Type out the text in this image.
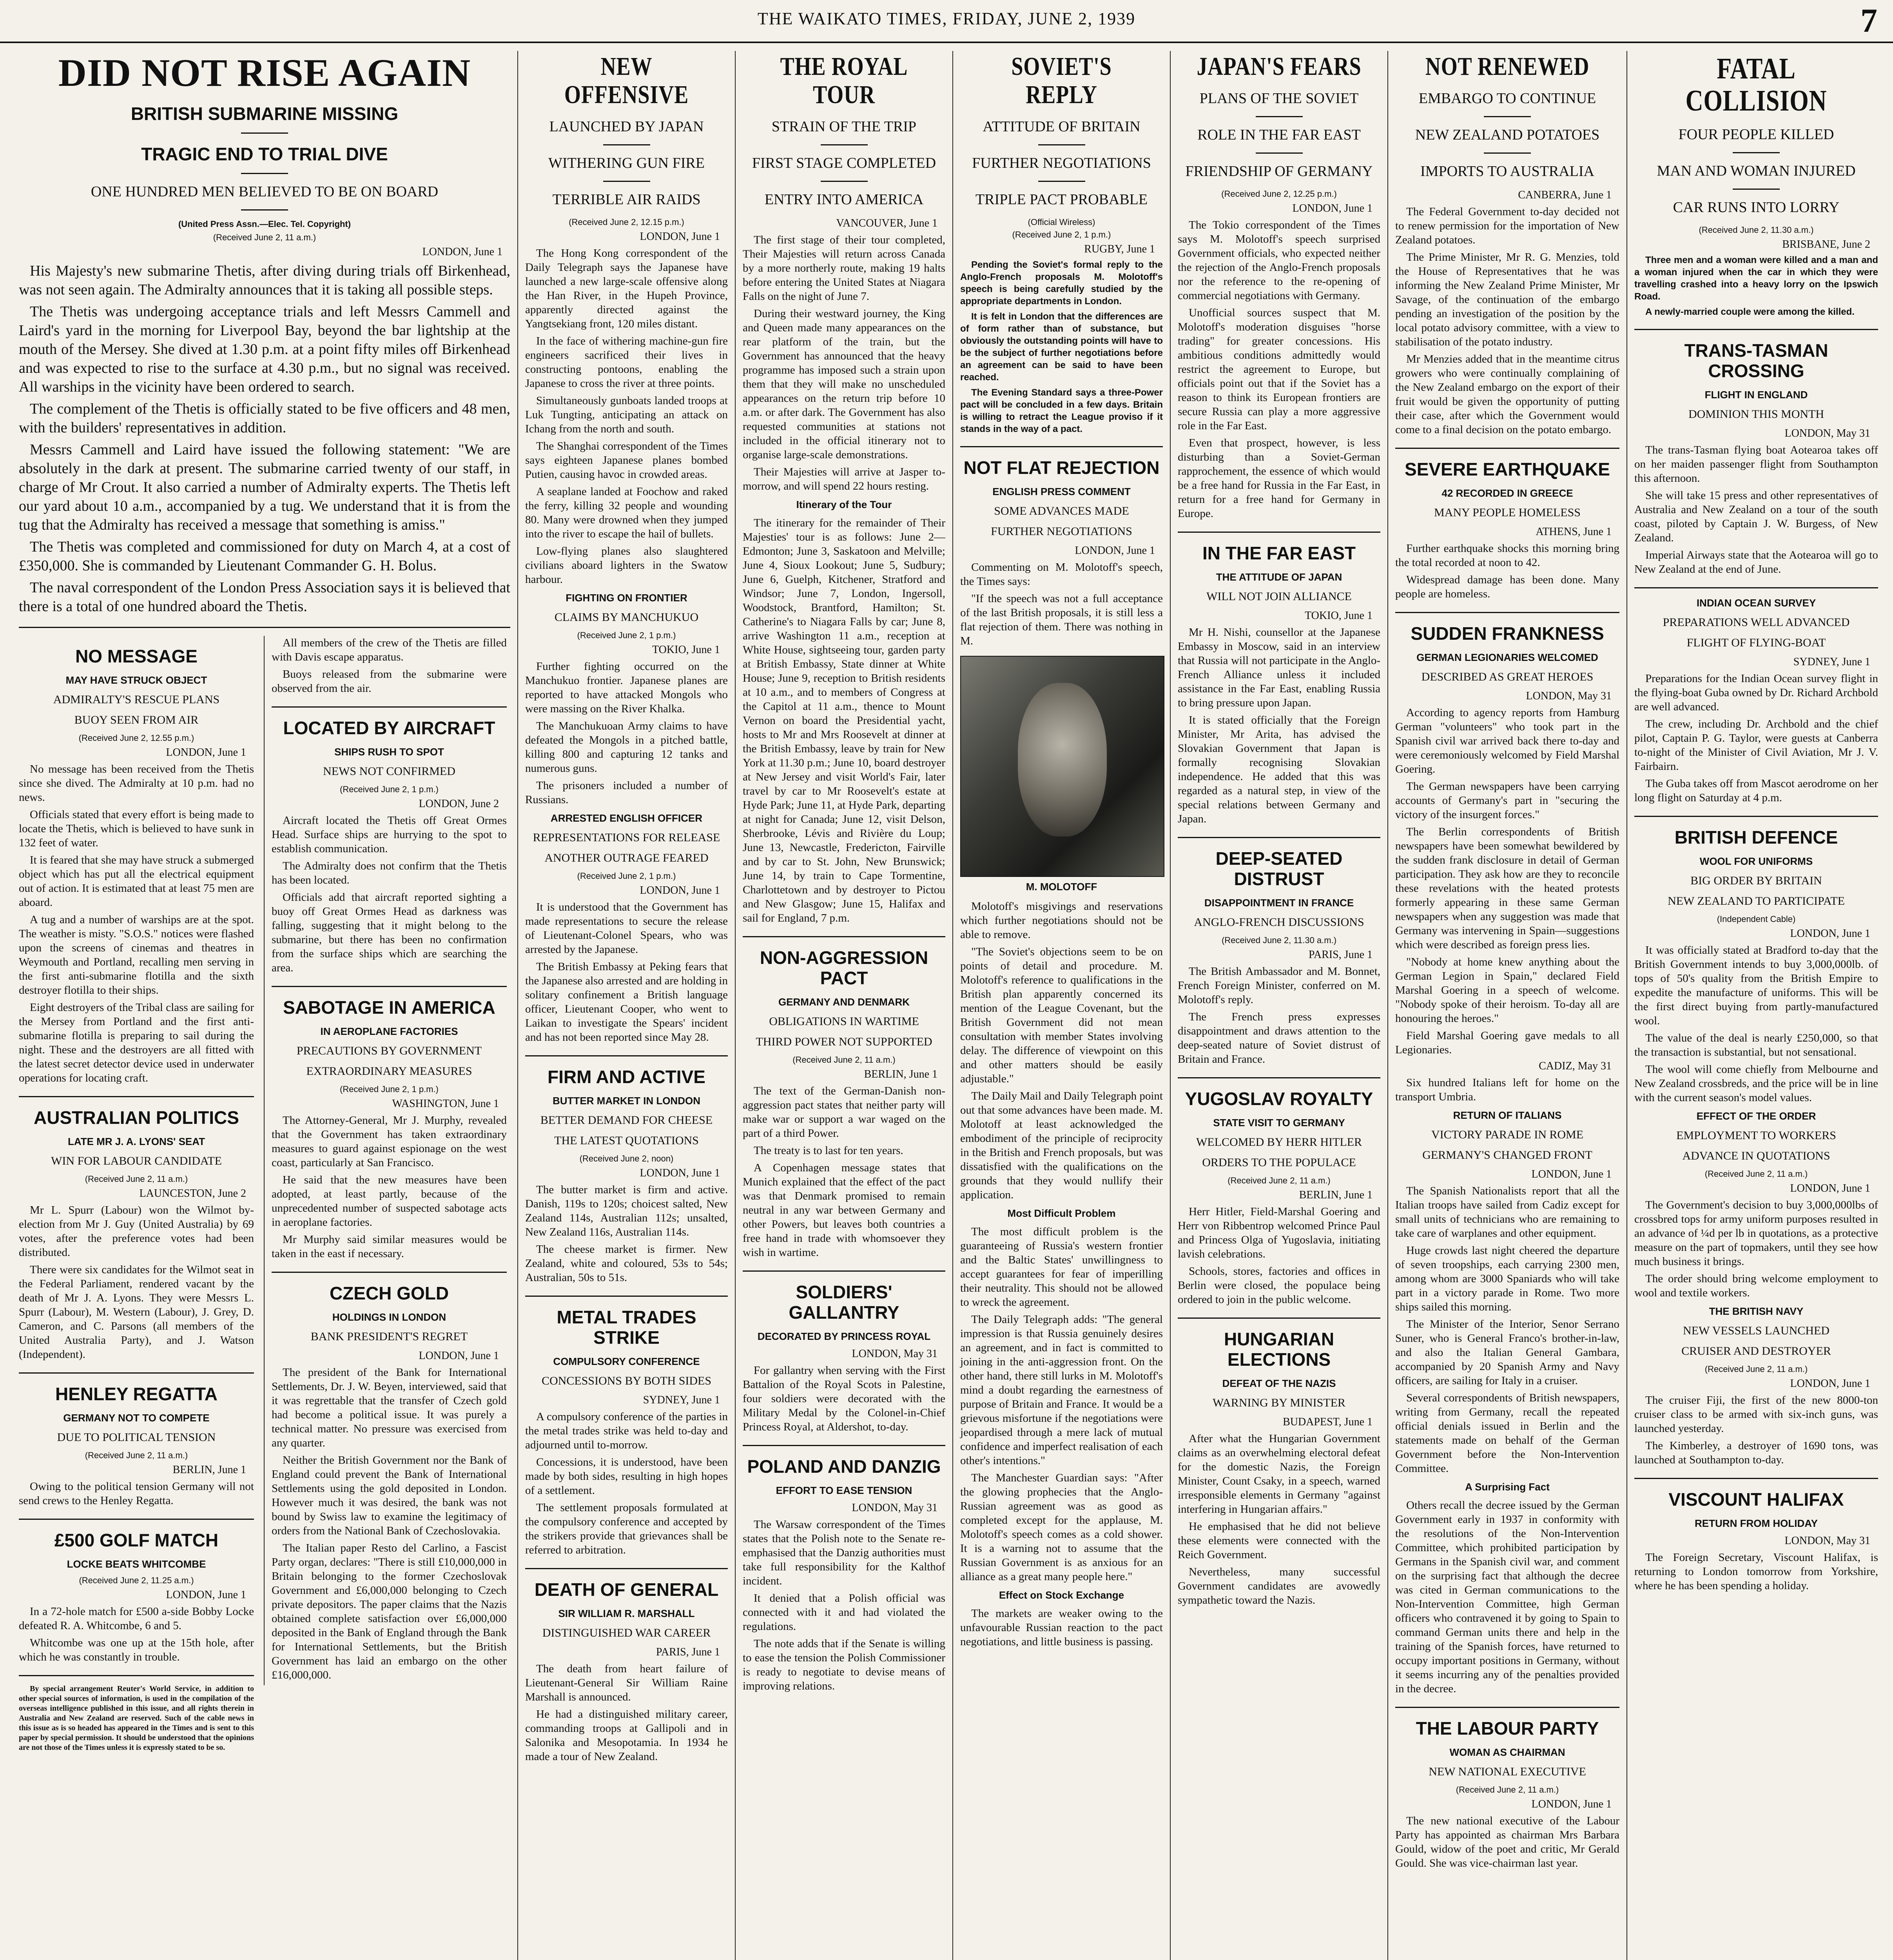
THE WAIKATO TIMES, FRIDAY, JUNE 2, 1939	7
DID NOT RISE AGAIN
BRITISH SUBMARINE MISSING
TRAGIC END TO TRIAL DIVE
ONE HUNDRED MEN BELIEVED TO BE ON BOARD
(United Press Assn.—Elec. Tel. Copyright)
(Received June 2, 11 a.m.)
LONDON, June 1

His Majesty's new submarine Thetis, after diving during trials off Birkenhead, was not seen again. The Admiralty announces that it is taking all possible steps.

The Thetis was undergoing acceptance trials and left Messrs Cammell and Laird's yard in the morning for Liverpool Bay, beyond the bar lightship at the mouth of the Mersey. She dived at 1.30 p.m. at a point fifty miles off Birkenhead and was expected to rise to the surface at 4.30 p.m., but no signal was received. All warships in the vicinity have been ordered to search.

The complement of the Thetis is officially stated to be five officers and 48 men, with the builders' representatives in addition.

Messrs Cammell and Laird have issued the following statement: "We are absolutely in the dark at present. The submarine carried twenty of our staff, in charge of Mr Crout. It also carried a number of Admiralty experts. The Thetis left our yard about 10 a.m., accompanied by a tug. We understand that it is from the tug that the Admiralty has received a message that something is amiss."

The Thetis was completed and commissioned for duty on March 4, at a cost of £350,000. She is commanded by Lieutenant Commander G. H. Bolus.

The naval correspondent of the London Press Association says it is believed that there is a total of one hundred aboard the Thetis.

NO MESSAGE
MAY HAVE STRUCK OBJECT
ADMIRALTY'S RESCUE PLANS
BUOY SEEN FROM AIR
(Received June 2, 12.55 p.m.)
LONDON, June 1

No message has been received from the Thetis since she dived. The Admiralty at 10 p.m. had no news.

Officials stated that every effort is being made to locate the Thetis, which is believed to have sunk in 132 feet of water.

It is feared that she may have struck a submerged object which has put all the electrical equipment out of action. It is estimated that at least 75 men are aboard.

A tug and a number of warships are at the spot. The weather is misty. "S.O.S." notices were flashed upon the screens of cinemas and theatres in Weymouth and Portland, recalling men serving in the first anti-submarine flotilla and the sixth destroyer flotilla to their ships.

Eight destroyers of the Tribal class are sailing for the Mersey from Portland and the first anti-submarine flotilla is preparing to sail during the night. These and the destroyers are all fitted with the latest secret detector device used in underwater operations for locating craft.

AUSTRALIAN POLITICS
LATE MR J. A. LYONS' SEAT
WIN FOR LABOUR CANDIDATE
(Received June 2, 11 a.m.)
LAUNCESTON, June 2

Mr L. Spurr (Labour) won the Wilmot by-election from Mr J. Guy (United Australia) by 69 votes, after the preference votes had been distributed.

There were six candidates for the Wilmot seat in the Federal Parliament, rendered vacant by the death of Mr J. A. Lyons. They were Messrs L. Spurr (Labour), M. Western (Labour), J. Grey, D. Cameron, and C. Parsons (all members of the United Australia Party), and J. Watson (Independent).

HENLEY REGATTA
GERMANY NOT TO COMPETE
DUE TO POLITICAL TENSION
(Received June 2, 11 a.m.)
BERLIN, June 1

Owing to the political tension Germany will not send crews to the Henley Regatta.

£500 GOLF MATCH
LOCKE BEATS WHITCOMBE
(Received June 2, 11.25 a.m.)
LONDON, June 1

In a 72-hole match for £500 a-side Bobby Locke defeated R. A. Whitcombe, 6 and 5.

Whitcombe was one up at the 15th hole, after which he was constantly in trouble.

By special arrangement Reuter's World Service, in addition to other special sources of information, is used in the compilation of the overseas intelligence published in this issue, and all rights therein in Australia and New Zealand are reserved. Such of the cable news in this issue as is so headed has appeared in the Times and is sent to this paper by special permission. It should be understood that the opinions are not those of the Times unless it is expressly stated to be so.

All members of the crew of the Thetis are filled with Davis escape apparatus.

Buoys released from the submarine were observed from the air.

LOCATED BY AIRCRAFT
SHIPS RUSH TO SPOT
NEWS NOT CONFIRMED
(Received June 2, 1 p.m.)
LONDON, June 2

Aircraft located the Thetis off Great Ormes Head. Surface ships are hurrying to the spot to establish communication.

The Admiralty does not confirm that the Thetis has been located.

Officials add that aircraft reported sighting a buoy off Great Ormes Head as darkness was falling, suggesting that it might belong to the submarine, but there has been no confirmation from the surface ships which are searching the area.

SABOTAGE IN AMERICA
IN AEROPLANE FACTORIES
PRECAUTIONS BY GOVERNMENT
EXTRAORDINARY MEASURES
(Received June 2, 1 p.m.)
WASHINGTON, June 1

The Attorney-General, Mr J. Murphy, revealed that the Government has taken extraordinary measures to guard against espionage on the west coast, particularly at San Francisco.

He said that the new measures have been adopted, at least partly, because of the unprecedented number of suspected sabotage acts in aeroplane factories.

Mr Murphy said similar measures would be taken in the east if necessary.

CZECH GOLD
HOLDINGS IN LONDON
BANK PRESIDENT'S REGRET
LONDON, June 1

The president of the Bank for International Settlements, Dr. J. W. Beyen, interviewed, said that it was regrettable that the transfer of Czech gold had become a political issue. It was purely a technical matter. No pressure was exercised from any quarter.

Neither the British Government nor the Bank of England could prevent the Bank of International Settlements using the gold deposited in London. However much it was desired, the bank was not bound by Swiss law to examine the legitimacy of orders from the National Bank of Czechoslovakia.

The Italian paper Resto del Carlino, a Fascist Party organ, declares: "There is still £10,000,000 in Britain belonging to the former Czechoslovak Government and £6,000,000 belonging to Czech private depositors. The paper claims that the Nazis obtained complete satisfaction over £6,000,000 deposited in the Bank of England through the Bank for International Settlements, but the British Government has laid an embargo on the other £16,000,000.

NEW OFFENSIVE
LAUNCHED BY JAPAN
WITHERING GUN FIRE
TERRIBLE AIR RAIDS
(Received June 2, 12.15 p.m.)
LONDON, June 1

The Hong Kong correspondent of the Daily Telegraph says the Japanese have launched a new large-scale offensive along the Han River, in the Hupeh Province, apparently directed against the Yangtsekiang front, 120 miles distant.

In the face of withering machine-gun fire engineers sacrificed their lives in constructing pontoons, enabling the Japanese to cross the river at three points.

Simultaneously gunboats landed troops at Luk Tungting, anticipating an attack on Ichang from the north and south.

The Shanghai correspondent of the Times says eighteen Japanese planes bombed Putien, causing havoc in crowded areas.

A seaplane landed at Foochow and raked the ferry, killing 32 people and wounding 80. Many were drowned when they jumped into the river to escape the hail of bullets.

Low-flying planes also slaughtered civilians aboard lighters in the Swatow harbour.

FIGHTING ON FRONTIER
CLAIMS BY MANCHUKUO
(Received June 2, 1 p.m.)
TOKIO, June 1

Further fighting occurred on the Manchukuo frontier. Japanese planes are reported to have attacked Mongols who were massing on the River Khalka.

The Manchukuoan Army claims to have defeated the Mongols in a pitched battle, killing 800 and capturing 12 tanks and numerous guns.

The prisoners included a number of Russians.

ARRESTED ENGLISH OFFICER
REPRESENTATIONS FOR RELEASE
ANOTHER OUTRAGE FEARED
(Received June 2, 1 p.m.)
LONDON, June 1

It is understood that the Government has made representations to secure the release of Lieutenant-Colonel Spears, who was arrested by the Japanese.

The British Embassy at Peking fears that the Japanese also arrested and are holding in solitary confinement a British language officer, Lieutenant Cooper, who went to Laikan to investigate the Spears' incident and has not been reported since May 28.

FIRM AND ACTIVE
BUTTER MARKET IN LONDON
BETTER DEMAND FOR CHEESE
THE LATEST QUOTATIONS
(Received June 2, noon)
LONDON, June 1

The butter market is firm and active. Danish, 119s to 120s; choicest salted, New Zealand 114s, Australian 112s; unsalted, New Zealand 116s, Australian 114s.

The cheese market is firmer. New Zealand, white and coloured, 53s to 54s; Australian, 50s to 51s.

METAL TRADES STRIKE
COMPULSORY CONFERENCE
CONCESSIONS BY BOTH SIDES
SYDNEY, June 1

A compulsory conference of the parties in the metal trades strike was held to-day and adjourned until to-morrow.

Concessions, it is understood, have been made by both sides, resulting in high hopes of a settlement.

The settlement proposals formulated at the compulsory conference and accepted by the strikers provide that grievances shall be referred to arbitration.

DEATH OF GENERAL
SIR WILLIAM R. MARSHALL
DISTINGUISHED WAR CAREER
PARIS, June 1

The death from heart failure of Lieutenant-General Sir William Raine Marshall is announced.

He had a distinguished military career, commanding troops at Gallipoli and in Salonika and Mesopotamia. In 1934 he made a tour of New Zealand.

THE ROYAL TOUR
STRAIN OF THE TRIP
FIRST STAGE COMPLETED
ENTRY INTO AMERICA
VANCOUVER, June 1

The first stage of their tour completed, Their Majesties will return across Canada by a more northerly route, making 19 halts before entering the United States at Niagara Falls on the night of June 7.

During their westward journey, the King and Queen made many appearances on the rear platform of the train, but the Government has announced that the heavy programme has imposed such a strain upon them that they will make no unscheduled appearances on the return trip before 10 a.m. or after dark. The Government has also requested communities at stations not included in the official itinerary not to organise large-scale demonstrations.

Their Majesties will arrive at Jasper to-morrow, and will spend 22 hours resting.

Itinerary of the Tour

The itinerary for the remainder of Their Majesties' tour is as follows: June 2—Edmonton; June 3, Saskatoon and Melville; June 4, Sioux Lookout; June 5, Sudbury; June 6, Guelph, Kitchener, Stratford and Windsor; June 7, London, Ingersoll, Woodstock, Brantford, Hamilton; St. Catherine's to Niagara Falls by car; June 8, arrive Washington 11 a.m., reception at White House, sightseeing tour, garden party at British Embassy, State dinner at White House; June 9, reception to British residents at 10 a.m., and to members of Congress at the Capitol at 11 a.m., thence to Mount Vernon on board the Presidential yacht, hosts to Mr and Mrs Roosevelt at dinner at the British Embassy, leave by train for New York at 11.30 p.m.; June 10, board destroyer at New Jersey and visit World's Fair, later travel by car to Mr Roosevelt's estate at Hyde Park; June 11, at Hyde Park, departing at night for Canada; June 12, visit Delson, Sherbrooke, Lévis and Rivière du Loup; June 13, Newcastle, Fredericton, Fairville and by car to St. John, New Brunswick; June 14, by train to Cape Tormentine, Charlottetown and by destroyer to Pictou and New Glasgow; June 15, Halifax and sail for England, 7 p.m.

NON-AGGRESSION PACT
GERMANY AND DENMARK
OBLIGATIONS IN WARTIME
THIRD POWER NOT SUPPORTED
(Received June 2, 11 a.m.)
BERLIN, June 1

The text of the German-Danish non-aggression pact states that neither party will make war or support a war waged on the part of a third Power.

The treaty is to last for ten years.

A Copenhagen message states that Munich explained that the effect of the pact was that Denmark promised to remain neutral in any war between Germany and other Powers, but leaves both countries a free hand in trade with whomsoever they wish in wartime.

SOLDIERS' GALLANTRY
DECORATED BY PRINCESS ROYAL
LONDON, May 31

For gallantry when serving with the First Battalion of the Royal Scots in Palestine, four soldiers were decorated with the Military Medal by the Colonel-in-Chief Princess Royal, at Aldershot, to-day.

POLAND AND DANZIG
EFFORT TO EASE TENSION
LONDON, May 31

The Warsaw correspondent of the Times states that the Polish note to the Senate re-emphasised that the Danzig authorities must take full responsibility for the Kalthof incident.

It denied that a Polish official was connected with it and had violated the regulations.

The note adds that if the Senate is willing to ease the tension the Polish Commissioner is ready to negotiate to devise means of improving relations.

SOVIET'S REPLY
ATTITUDE OF BRITAIN
FURTHER NEGOTIATIONS
TRIPLE PACT PROBABLE
(Official Wireless)
(Received June 2, 1 p.m.)
RUGBY, June 1

Pending the Soviet's formal reply to the Anglo-French proposals M. Molotoff's speech is being carefully studied by the appropriate departments in London.

It is felt in London that the differences are of form rather than of substance, but obviously the outstanding points will have to be the subject of further negotiations before an agreement can be said to have been reached.

The Evening Standard says a three-Power pact will be concluded in a few days. Britain is willing to retract the League proviso if it stands in the way of a pact.

NOT FLAT REJECTION
ENGLISH PRESS COMMENT
SOME ADVANCES MADE
FURTHER NEGOTIATIONS
LONDON, June 1

Commenting on M. Molotoff's speech, the Times says:

"If the speech was not a full acceptance of the last British proposals, it is still less a flat rejection of them. There was nothing in M.

M. MOLOTOFF

Molotoff's misgivings and reservations which further negotiations should not be able to remove.

"The Soviet's objections seem to be on points of detail and procedure. M. Molotoff's reference to qualifications in the British plan apparently concerned its mention of the League Covenant, but the British Government did not mean consultation with member States involving delay. The difference of viewpoint on this and other matters should be easily adjustable."

The Daily Mail and Daily Telegraph point out that some advances have been made. M. Molotoff at least acknowledged the embodiment of the principle of reciprocity in the British and French proposals, but was dissatisfied with the qualifications on the grounds that they would nullify their application.

Most Difficult Problem

The most difficult problem is the guaranteeing of Russia's western frontier and the Baltic States' unwillingness to accept guarantees for fear of imperilling their neutrality. This should not be allowed to wreck the agreement.

The Daily Telegraph adds: "The general impression is that Russia genuinely desires an agreement, and in fact is committed to joining in the anti-aggression front. On the other hand, there still lurks in M. Molotoff's mind a doubt regarding the earnestness of purpose of Britain and France. It would be a grievous misfortune if the negotiations were jeopardised through a mere lack of mutual confidence and imperfect realisation of each other's intentions."

The Manchester Guardian says: "After the glowing prophecies that the Anglo-Russian agreement was as good as completed except for the applause, M. Molotoff's speech comes as a cold shower. It is a warning not to assume that the Russian Government is as anxious for an alliance as a great many people here."

Effect on Stock Exchange

The markets are weaker owing to the unfavourable Russian reaction to the pact negotiations, and little business is passing.

JAPAN'S FEARS
PLANS OF THE SOVIET
ROLE IN THE FAR EAST
FRIENDSHIP OF GERMANY
(Received June 2, 12.25 p.m.)
LONDON, June 1

The Tokio correspondent of the Times says M. Molotoff's speech surprised Government officials, who expected neither the rejection of the Anglo-French proposals nor the reference to the re-opening of commercial negotiations with Germany.

Unofficial sources suspect that M. Molotoff's moderation disguises "horse trading" for greater concessions. His ambitious conditions admittedly would restrict the agreement to Europe, but officials point out that if the Soviet has a reason to think its European frontiers are secure Russia can play a more aggressive role in the Far East.

Even that prospect, however, is less disturbing than a Soviet-German rapprochement, the essence of which would be a free hand for Russia in the Far East, in return for a free hand for Germany in Europe.

IN THE FAR EAST
THE ATTITUDE OF JAPAN
WILL NOT JOIN ALLIANCE
TOKIO, June 1

Mr H. Nishi, counsellor at the Japanese Embassy in Moscow, said in an interview that Russia will not participate in the Anglo-French Alliance unless it included assistance in the Far East, enabling Russia to bring pressure upon Japan.

It is stated officially that the Foreign Minister, Mr Arita, has advised the Slovakian Government that Japan is formally recognising Slovakian independence. He added that this was regarded as a natural step, in view of the special relations between Germany and Japan.

DEEP-SEATED DISTRUST
DISAPPOINTMENT IN FRANCE
ANGLO-FRENCH DISCUSSIONS
(Received June 2, 11.30 a.m.)
PARIS, June 1

The British Ambassador and M. Bonnet, French Foreign Minister, conferred on M. Molotoff's reply.

The French press expresses disappointment and draws attention to the deep-seated nature of Soviet distrust of Britain and France.

YUGOSLAV ROYALTY
STATE VISIT TO GERMANY
WELCOMED BY HERR HITLER
ORDERS TO THE POPULACE
(Received June 2, 11 a.m.)
BERLIN, June 1

Herr Hitler, Field-Marshal Goering and Herr von Ribbentrop welcomed Prince Paul and Princess Olga of Yugoslavia, initiating lavish celebrations.

Schools, stores, factories and offices in Berlin were closed, the populace being ordered to join in the public welcome.

HUNGARIAN ELECTIONS
DEFEAT OF THE NAZIS
WARNING BY MINISTER
BUDAPEST, June 1

After what the Hungarian Government claims as an overwhelming electoral defeat for the domestic Nazis, the Foreign Minister, Count Csaky, in a speech, warned irresponsible elements in Germany "against interfering in Hungarian affairs."

He emphasised that he did not believe these elements were connected with the Reich Government.

Nevertheless, many successful Government candidates are avowedly sympathetic toward the Nazis.

NOT RENEWED
EMBARGO TO CONTINUE
NEW ZEALAND POTATOES
IMPORTS TO AUSTRALIA
CANBERRA, June 1

The Federal Government to-day decided not to renew permission for the importation of New Zealand potatoes.

The Prime Minister, Mr R. G. Menzies, told the House of Representatives that he was informing the New Zealand Prime Minister, Mr Savage, of the continuation of the embargo pending an investigation of the position by the local potato advisory committee, with a view to stabilisation of the potato industry.

Mr Menzies added that in the meantime citrus growers who were continually complaining of the New Zealand embargo on the export of their fruit would be given the opportunity of putting their case, after which the Government would come to a final decision on the potato embargo.

SEVERE EARTHQUAKE
42 RECORDED IN GREECE
MANY PEOPLE HOMELESS
ATHENS, June 1

Further earthquake shocks this morning bring the total recorded at noon to 42.

Widespread damage has been done. Many people are homeless.

SUDDEN FRANKNESS
GERMAN LEGIONARIES WELCOMED
DESCRIBED AS GREAT HEROES
LONDON, May 31

According to agency reports from Hamburg German "volunteers" who took part in the Spanish civil war arrived back there to-day and were ceremoniously welcomed by Field Marshal Goering.

The German newspapers have been carrying accounts of Germany's part in "securing the victory of the insurgent forces."

The Berlin correspondents of British newspapers have been somewhat bewildered by the sudden frank disclosure in detail of German participation. They ask how are they to reconcile these revelations with the heated protests formerly appearing in these same German newspapers when any suggestion was made that Germany was intervening in Spain—suggestions which were described as foreign press lies.

"Nobody at home knew anything about the German Legion in Spain," declared Field Marshal Goering in a speech of welcome. "Nobody spoke of their heroism. To-day all are honouring the heroes."

Field Marshal Goering gave medals to all Legionaries.

CADIZ, May 31

Six hundred Italians left for home on the transport Umbria.

RETURN OF ITALIANS
VICTORY PARADE IN ROME
GERMANY'S CHANGED FRONT
LONDON, June 1

The Spanish Nationalists report that all the Italian troops have sailed from Cadiz except for small units of technicians who are remaining to take care of warplanes and other equipment.

Huge crowds last night cheered the departure of seven troopships, each carrying 2300 men, among whom are 3000 Spaniards who will take part in a victory parade in Rome. Two more ships sailed this morning.

The Minister of the Interior, Senor Serrano Suner, who is General Franco's brother-in-law, and also the Italian General Gambara, accompanied by 20 Spanish Army and Navy officers, are sailing for Italy in a cruiser.

Several correspondents of British newspapers, writing from Germany, recall the repeated official denials issued in Berlin and the statements made on behalf of the German Government before the Non-Intervention Committee.

A Surprising Fact

Others recall the decree issued by the German Government early in 1937 in conformity with the resolutions of the Non-Intervention Committee, which prohibited participation by Germans in the Spanish civil war, and comment on the surprising fact that although the decree was cited in German communications to the Non-Intervention Committee, high German officers who contravened it by going to Spain to command German units there and help in the training of the Spanish forces, have returned to occupy important positions in Germany, without it seems incurring any of the penalties provided in the decree.

THE LABOUR PARTY
WOMAN AS CHAIRMAN
NEW NATIONAL EXECUTIVE
(Received June 2, 11 a.m.)
LONDON, June 1

The new national executive of the Labour Party has appointed as chairman Mrs Barbara Gould, widow of the poet and critic, Mr Gerald Gould. She was vice-chairman last year.

FATAL COLLISION
FOUR PEOPLE KILLED
MAN AND WOMAN INJURED
CAR RUNS INTO LORRY
(Received June 2, 11.30 a.m.)
BRISBANE, June 2

Three men and a woman were killed and a man and a woman injured when the car in which they were travelling crashed into a heavy lorry on the Ipswich Road.

A newly-married couple were among the killed.

TRANS-TASMAN CROSSING
FLIGHT IN ENGLAND
DOMINION THIS MONTH
LONDON, May 31

The trans-Tasman flying boat Aotearoa takes off on her maiden passenger flight from Southampton this afternoon.

She will take 15 press and other representatives of Australia and New Zealand on a tour of the south coast, piloted by Captain J. W. Burgess, of New Zealand.

Imperial Airways state that the Aotearoa will go to New Zealand at the end of June.

INDIAN OCEAN SURVEY
PREPARATIONS WELL ADVANCED
FLIGHT OF FLYING-BOAT
SYDNEY, June 1

Preparations for the Indian Ocean survey flight in the flying-boat Guba owned by Dr. Richard Archbold are well advanced.

The crew, including Dr. Archbold and the chief pilot, Captain P. G. Taylor, were guests at Canberra to-night of the Minister of Civil Aviation, Mr J. V. Fairbairn.

The Guba takes off from Mascot aerodrome on her long flight on Saturday at 4 p.m.

BRITISH DEFENCE
WOOL FOR UNIFORMS
BIG ORDER BY BRITAIN
NEW ZEALAND TO PARTICIPATE
(Independent Cable)
LONDON, June 1

It was officially stated at Bradford to-day that the British Government intends to buy 3,000,000lb. of tops of 50's quality from the British Empire to expedite the manufacture of uniforms. This will be the first direct buying from partly-manufactured wool.

The value of the deal is nearly £250,000, so that the transaction is substantial, but not sensational.

The wool will come chiefly from Melbourne and New Zealand crossbreds, and the price will be in line with the current season's model values.

EFFECT OF THE ORDER
EMPLOYMENT TO WORKERS
ADVANCE IN QUOTATIONS
(Received June 2, 11 a.m.)
LONDON, June 1

The Government's decision to buy 3,000,000lbs of crossbred tops for army uniform purposes resulted in an advance of ¼d per lb in quotations, as a protective measure on the part of topmakers, until they see how much business it brings.

The order should bring welcome employment to wool and textile workers.

THE BRITISH NAVY
NEW VESSELS LAUNCHED
CRUISER AND DESTROYER
(Received June 2, 11 a.m.)
LONDON, June 1

The cruiser Fiji, the first of the new 8000-ton cruiser class to be armed with six-inch guns, was launched yesterday.

The Kimberley, a destroyer of 1690 tons, was launched at Southampton to-day.

VISCOUNT HALIFAX
RETURN FROM HOLIDAY
LONDON, May 31

The Foreign Secretary, Viscount Halifax, is returning to London tomorrow from Yorkshire, where he has been spending a holiday.
